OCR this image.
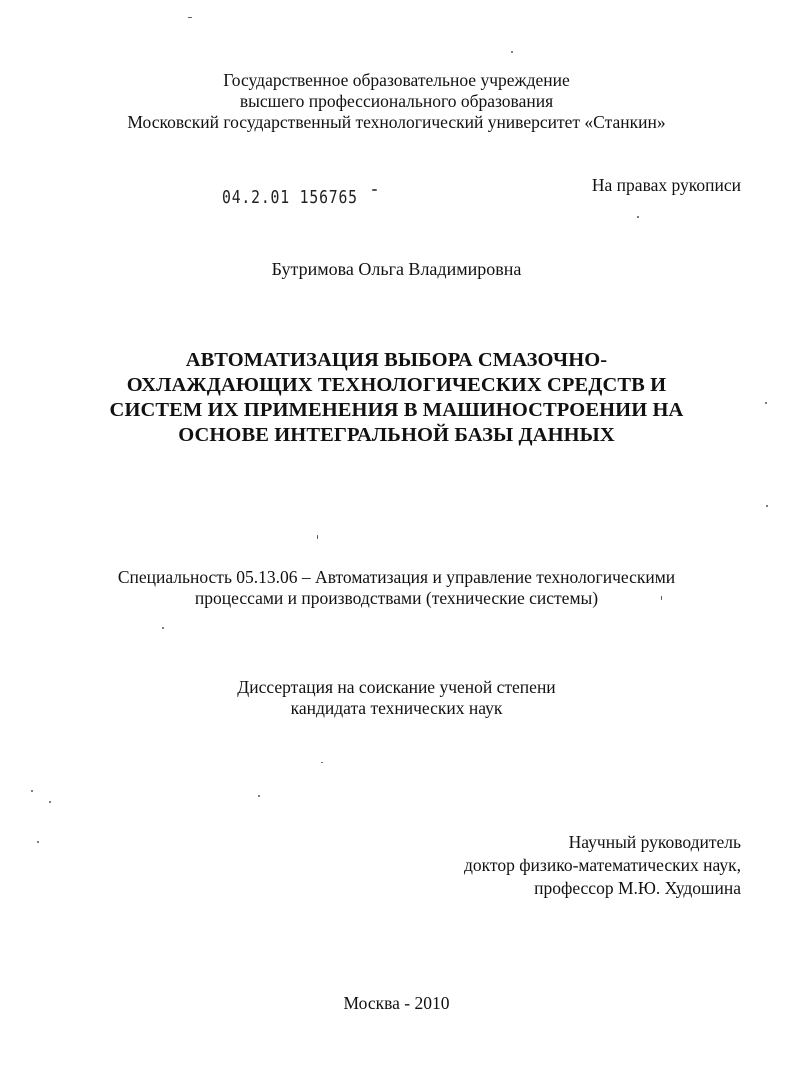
Государственное образовательное учреждение
высшего профессионального образования
Московский государственный технологический университет «Станкин»
На правах рукописи
04.2.01 156765
Бутримова Ольга Владимировна
АВТОМАТИЗАЦИЯ ВЫБОРА СМАЗОЧНО-
ОХЛАЖДАЮЩИХ ТЕХНОЛОГИЧЕСКИХ СРЕДСТВ И
СИСТЕМ ИХ ПРИМЕНЕНИЯ В МАШИНОСТРОЕНИИ НА
ОСНОВЕ ИНТЕГРАЛЬНОЙ БАЗЫ ДАННЫХ
Специальность 05.13.06 – Автоматизация и управление технологическими
процессами и производствами (технические системы)
Диссертация на соискание ученой степени
кандидата технических наук
Научный руководитель
доктор физико-математических наук,
профессор М.Ю. Худошина
Москва - 2010
